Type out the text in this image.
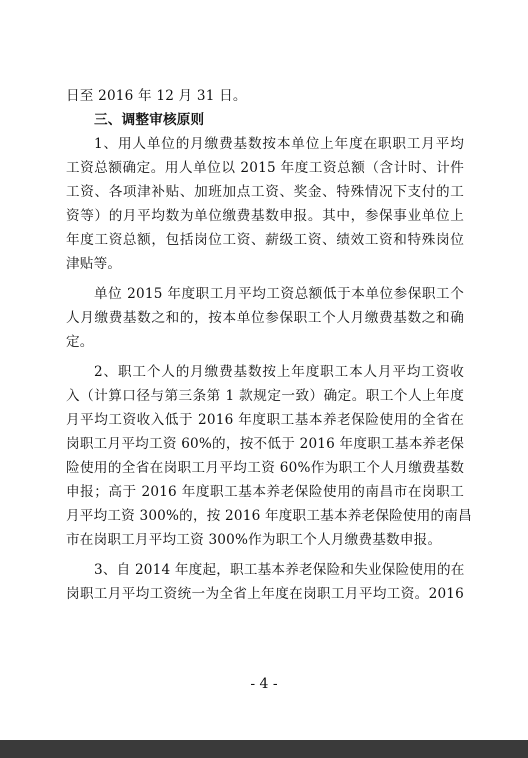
日至 2016 年 12 月 31 日。
三、调整审核原则
1、用人单位的月缴费基数按本单位上年度在职职工月平均
工资总额确定。用人单位以 2015 年度工资总额（含计时、计件
工资、各项津补贴、加班加点工资、奖金、特殊情况下支付的工
资等）的月平均数为单位缴费基数申报。其中，参保事业单位上
年度工资总额，包括岗位工资、薪级工资、绩效工资和特殊岗位
津贴等。
单位 2015 年度职工月平均工资总额低于本单位参保职工个
人月缴费基数之和的，按本单位参保职工个人月缴费基数之和确
定。
2、职工个人的月缴费基数按上年度职工本人月平均工资收
入（计算口径与第三条第 1 款规定一致）确定。职工个人上年度
月平均工资收入低于 2016 年度职工基本养老保险使用的全省在
岗职工月平均工资 60%的，按不低于 2016 年度职工基本养老保
险使用的全省在岗职工月平均工资 60%作为职工个人月缴费基数
申报；高于 2016 年度职工基本养老保险使用的南昌市在岗职工
月平均工资 300%的，按 2016 年度职工基本养老保险使用的南昌
市在岗职工月平均工资 300%作为职工个人月缴费基数申报。
3、自 2014 年度起，职工基本养老保险和失业保险使用的在
岗职工月平均工资统一为全省上年度在岗职工月平均工资。2016
- 4 -
